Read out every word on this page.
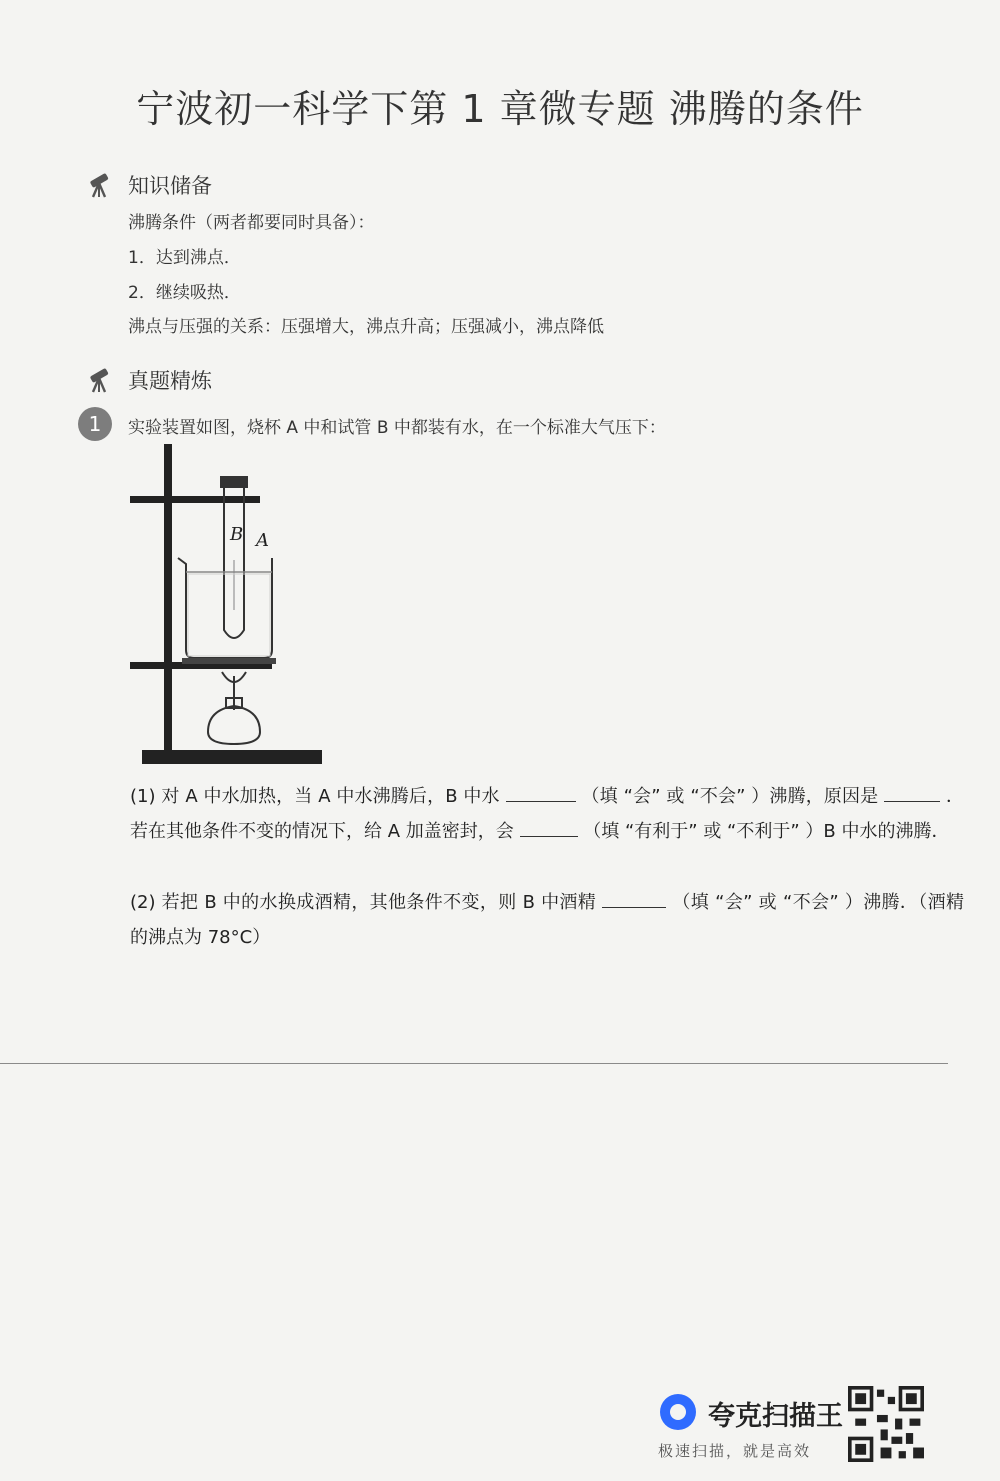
宁波初一科学下第 1 章微专题 沸腾的条件
知识储备
沸腾条件（两者都要同时具备）：
1．达到沸点．
2．继续吸热．
沸点与压强的关系：压强增大，沸点升高；压强减小，沸点降低
真题精炼
1	实验装置如图，烧杯 A 中和试管 B 中都装有水，在一个标准大气压下：
B A
(1) 对 A 中水加热，当 A 中水沸腾后，B 中水	（填 “会” 或 “不会” ）沸腾，原因是	．若在其他条件不变的情况下，给 A 加盖密封，会	（填 “有利于” 或 “不利于” ）B 中水的沸腾．
(2) 若把 B 中的水换成酒精，其他条件不变，则 B 中酒精	（填 “会” 或 “不会” ）沸腾．（酒精的沸点为 78°C）
夸克扫描王
极速扫描，就是高效
